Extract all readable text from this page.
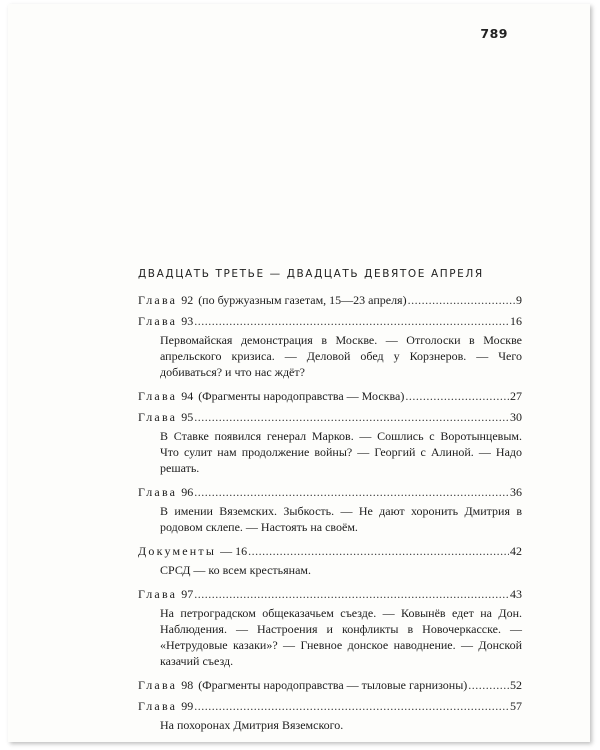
789
ДВАДЦАТЬ ТРЕТЬЕ — ДВАДЦАТЬ ДЕВЯТОЕ АПРЕЛЯ
Глава 92 (по буржуазным газетам, 15—23 апреля) .....	9
Глава 93 .....	16
Первомайская демонстрация в Москве. — Отголоски в Москве апрельского кризиса. — Деловой обед у Корзнеров. — Чего добиваться? и что нас ждёт?
Глава 94 (Фрагменты народоправства — Москва) .....	27
Глава 95 .....	30
В Ставке появился генерал Марков. — Сошлись с Воротынцевым. Что сулит нам продолжение войны? — Георгий с Алиной. — Надо решать.
Глава 96 .....	36
В имении Вяземских. Зыбкость. — Не дают хоронить Дмитрия в родовом склепе. — Настоять на своём.
Документы — 16 .....	42
СРСД — ко всем крестьянам.
Глава 97 .....	43
На петроградском общеказачьем съезде. — Ковынёв едет на Дон. Наблюдения. — Настроения и конфликты в Новочеркасске. — «Нетрудовые казаки»? — Гневное донское наводнение. — Донской казачий съезд.
Глава 98 (Фрагменты народоправства — тыловые гарнизоны) .....	52
Глава 99 .....	57
На похоронах Дмитрия Вяземского.
